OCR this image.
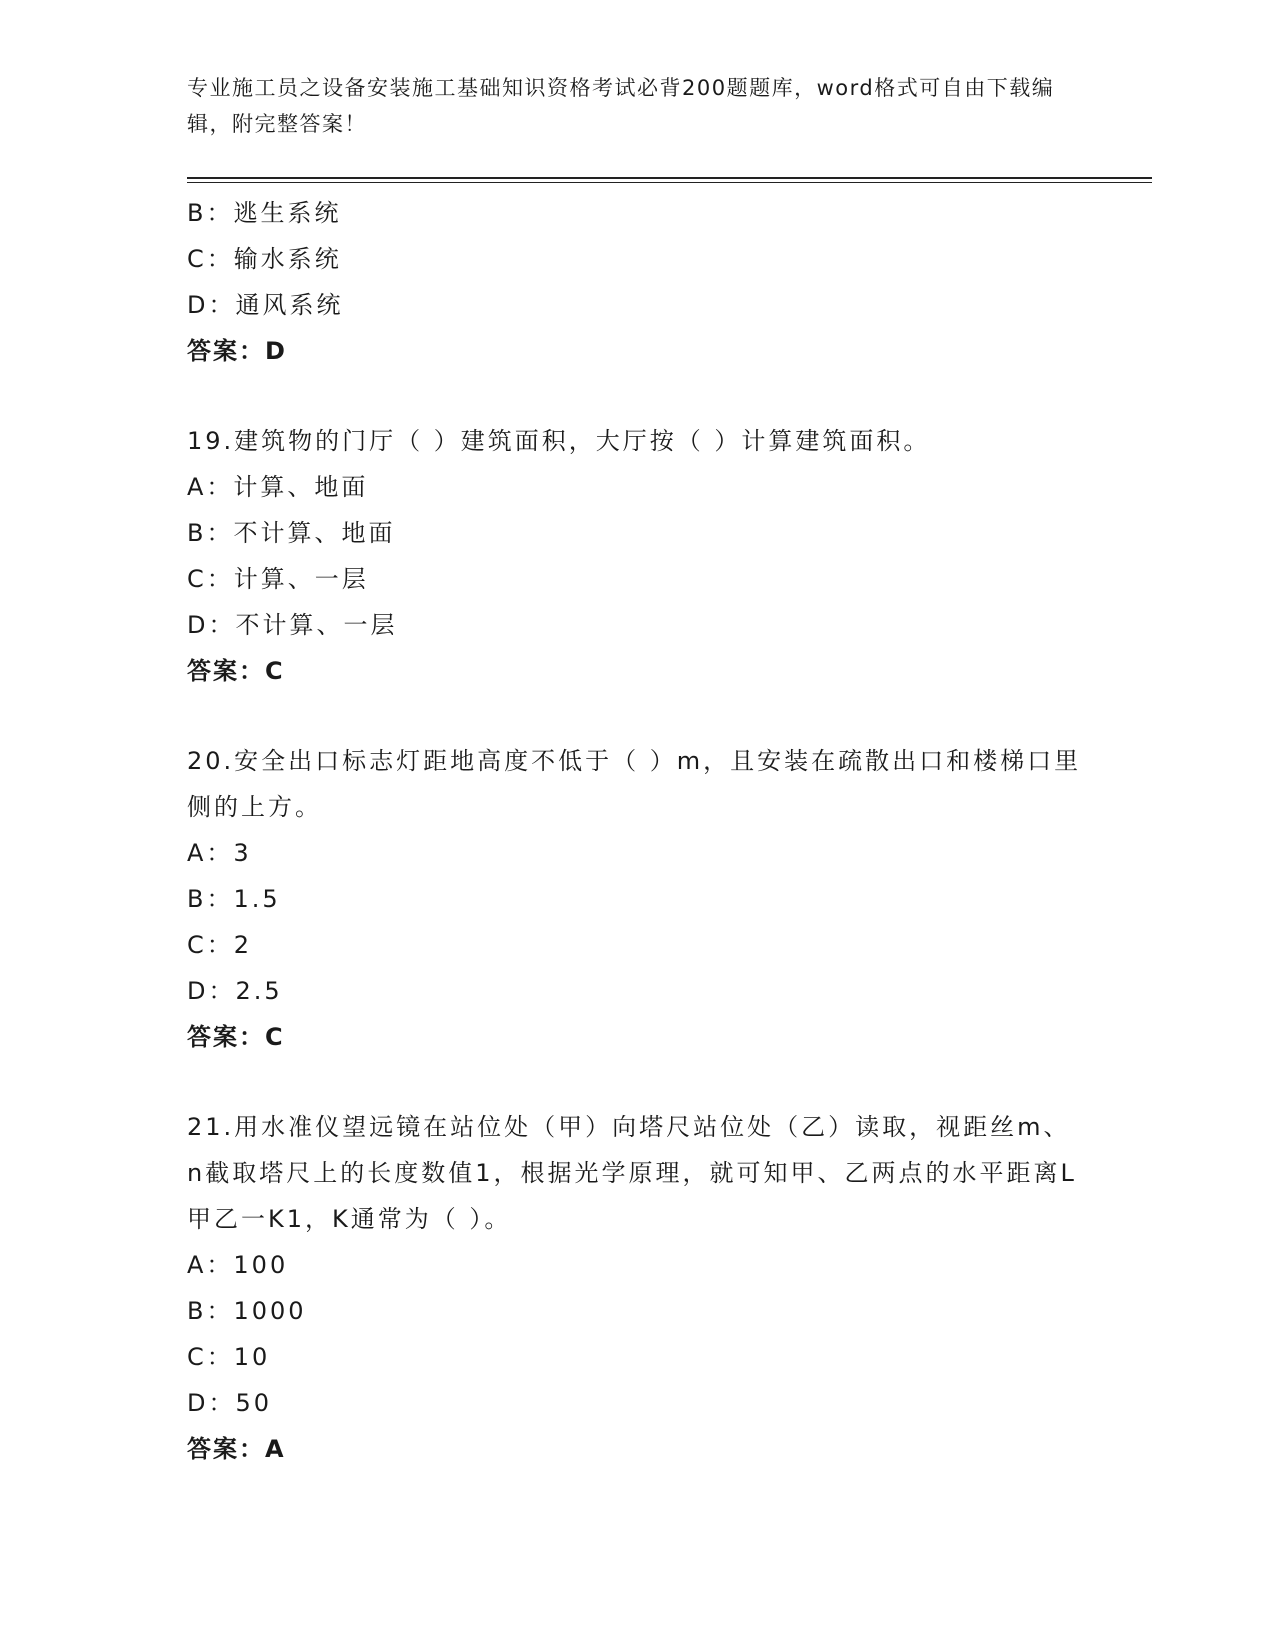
专业施工员之设备安装施工基础知识资格考试必背200题题库，word格式可自由下载编辑，附完整答案！
B：逃生系统
C：输水系统
D：通风系统
答案：D
19.建筑物的门厅（ ）建筑面积，大厅按（ ）计算建筑面积。
A：计算、地面
B：不计算、地面
C：计算、一层
D：不计算、一层
答案：C
20.安全出口标志灯距地高度不低于（ ）m，且安装在疏散出口和楼梯口里侧的上方。
A：3
B：1.5
C：2
D：2.5
答案：C
21.用水准仪望远镜在站位处（甲）向塔尺站位处（乙）读取，视距丝m、n截取塔尺上的长度数值1，根据光学原理，就可知甲、乙两点的水平距离L甲乙一K1，K通常为（ ）。
A：100
B：1000
C：10
D：50
答案：A
